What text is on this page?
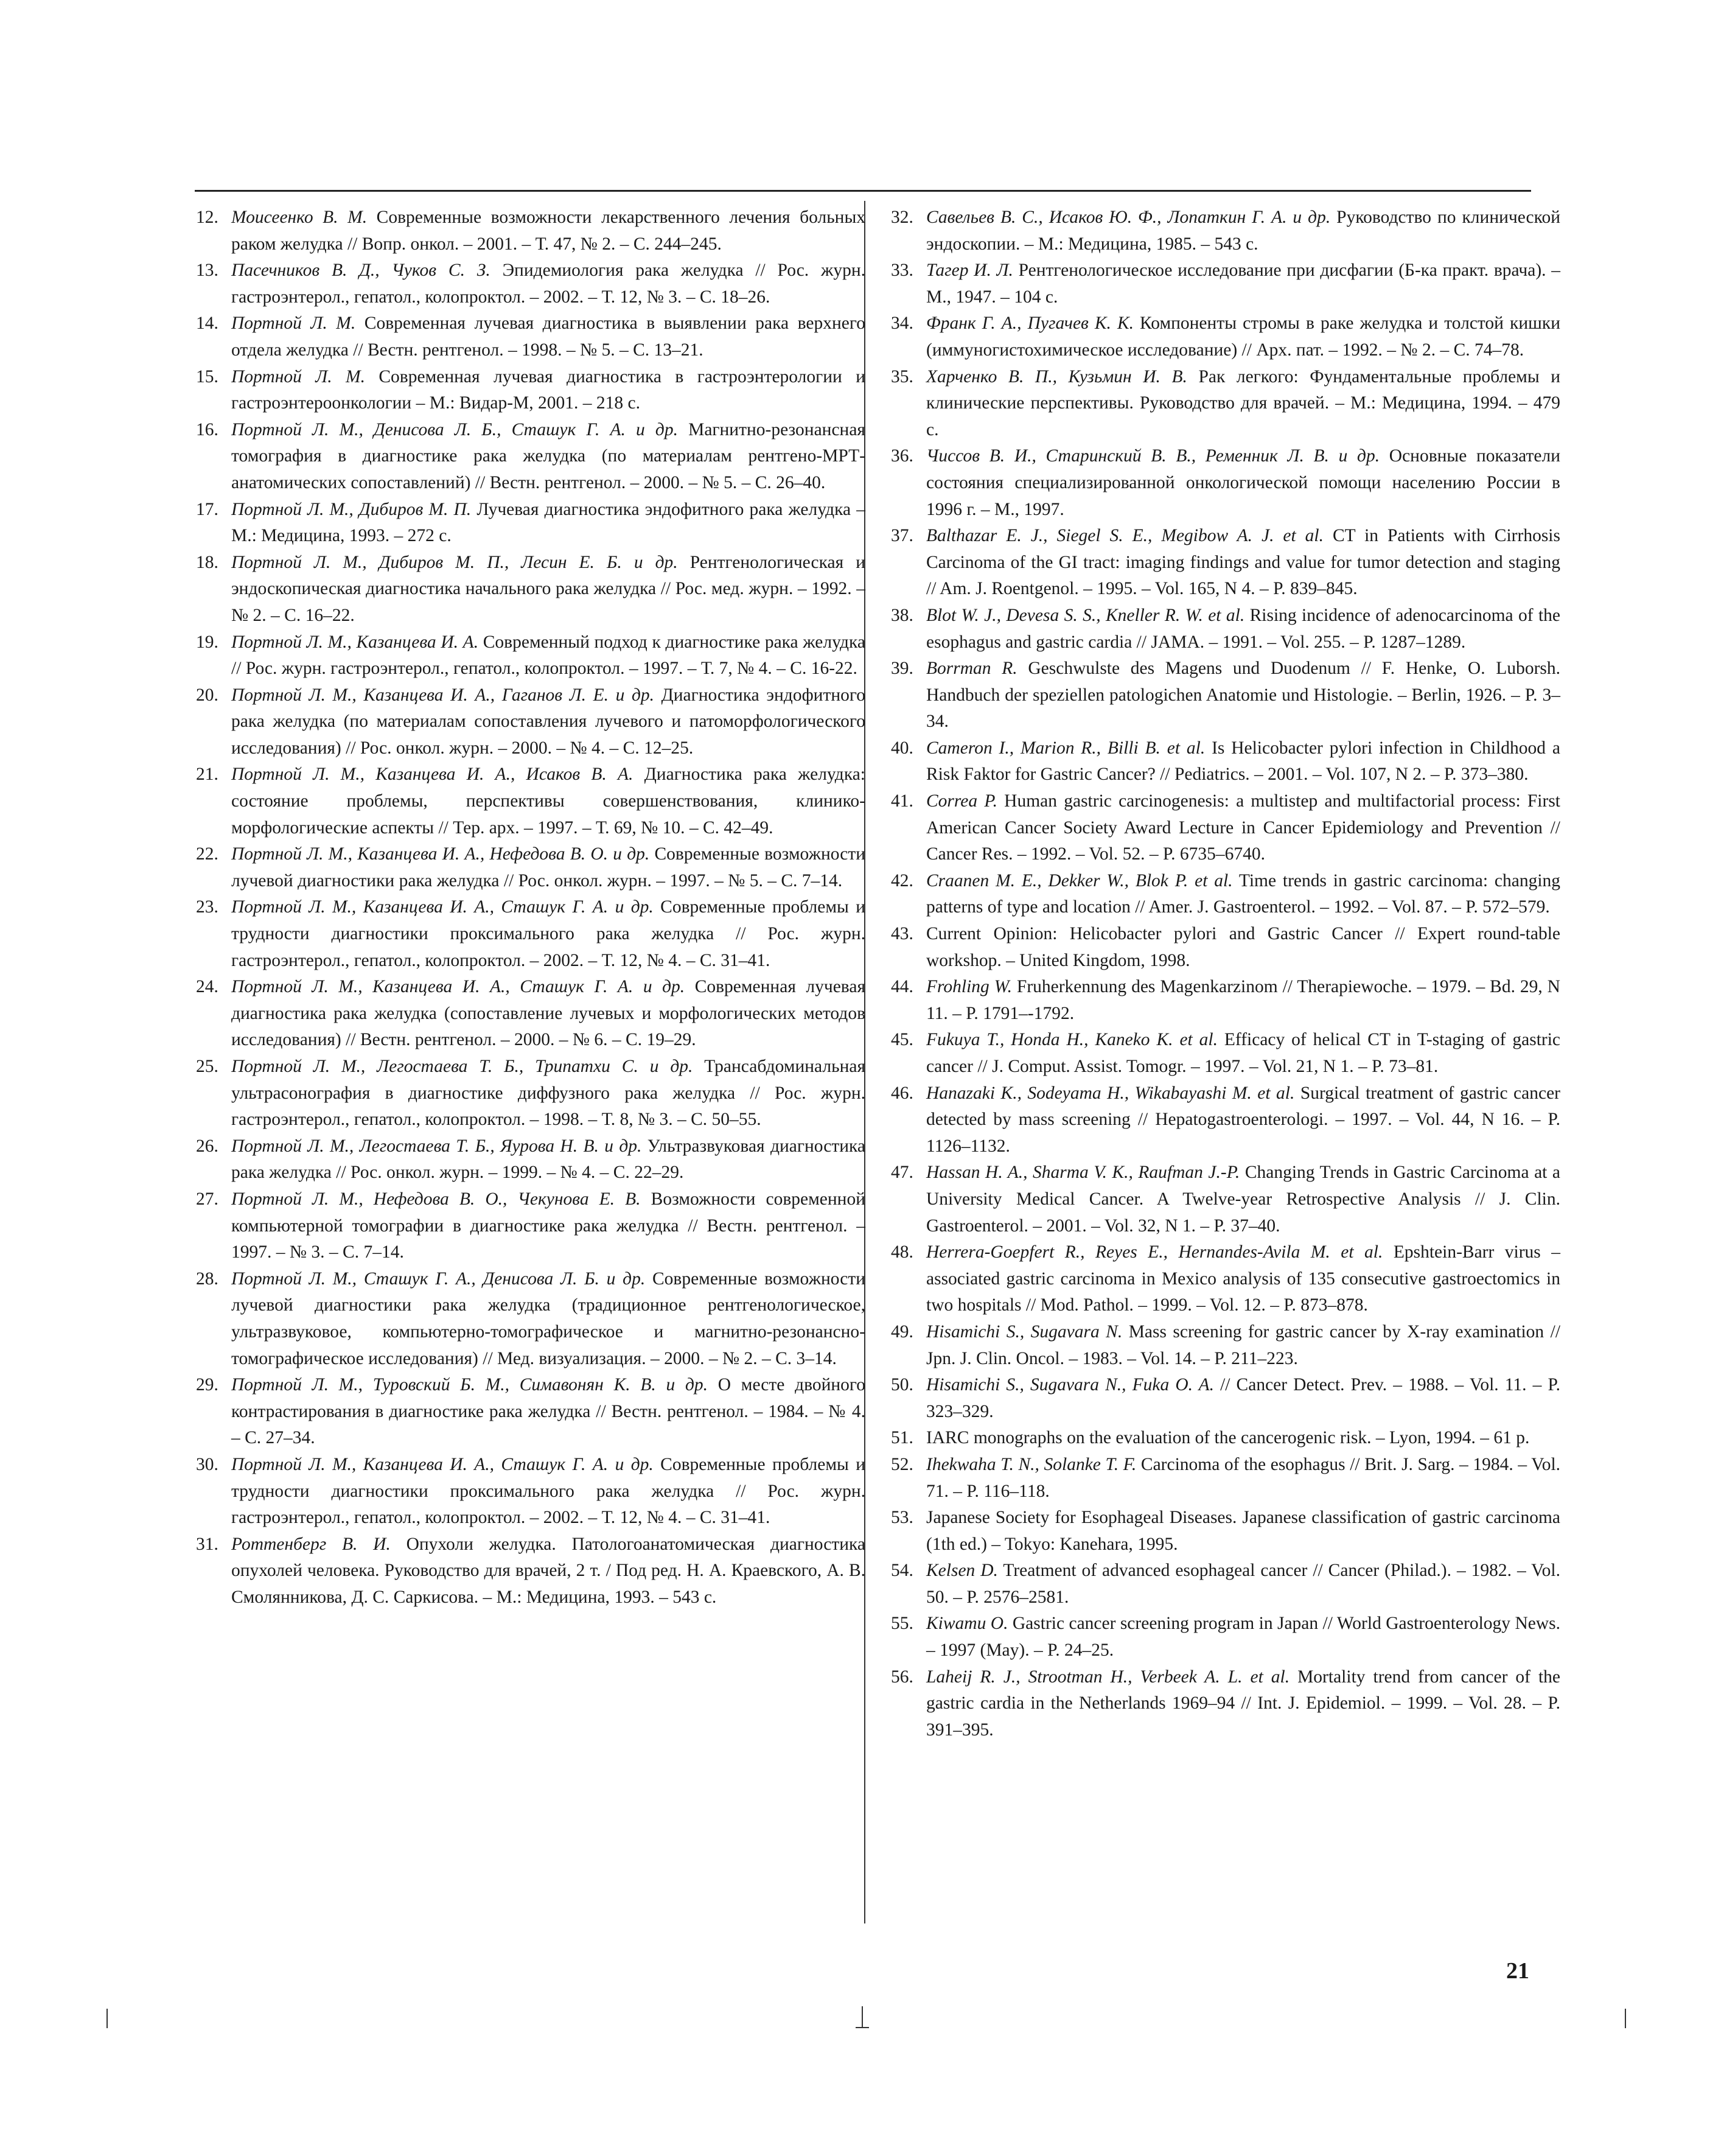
12. Моисеенко В. М. Современные возможности лекарственного лечения больных раком желудка // Вопр. онкол. – 2001. – Т. 47, № 2. – С. 244–245.
13. Пасечников В. Д., Чуков С. З. Эпидемиология рака желудка // Рос. журн. гастроэнтерол., гепатол., колопроктол. – 2002. – Т. 12, № 3. – С. 18–26.
14. Портной Л. М. Современная лучевая диагностика в выявлении рака верхнего отдела желудка // Вестн. рентгенол. – 1998. – № 5. – С. 13–21.
15. Портной Л. М. Современная лучевая диагностика в гастроэнтерологии и гастроэнтероонкологии – М.: Видар-М, 2001. – 218 с.
16. Портной Л. М., Денисова Л. Б., Сташук Г. А. и др. Магнитно-резонансная томография в диагностике рака желудка (по материалам рентгено-МРТ-анатомических сопоставлений) // Вестн. рентгенол. – 2000. – № 5. – С. 26–40.
17. Портной Л. М., Дибиров М. П. Лучевая диагностика эндофитного рака желудка – М.: Медицина, 1993. – 272 с.
18. Портной Л. М., Дибиров М. П., Лесин Е. Б. и др. Рентгенологическая и эндоскопическая диагностика начального рака желудка // Рос. мед. журн. – 1992. – № 2. – С. 16–22.
19. Портной Л. М., Казанцева И. А. Современный подход к диагностике рака желудка // Рос. журн. гастроэнтерол., гепатол., колопроктол. – 1997. – Т. 7, № 4. – С. 16-22.
20. Портной Л. М., Казанцева И. А., Гаганов Л. Е. и др. Диагностика эндофитного рака желудка (по материалам сопоставления лучевого и патоморфологического исследования) // Рос. онкол. журн. – 2000. – № 4. – С. 12–25.
21. Портной Л. М., Казанцева И. А., Исаков В. А. Диагностика рака желудка: состояние проблемы, перспективы совершенствования, клинико-морфологические аспекты // Тер. арх. – 1997. – Т. 69, № 10. – С. 42–49.
22. Портной Л. М., Казанцева И. А., Нефедова В. О. и др. Современные возможности лучевой диагностики рака желудка // Рос. онкол. журн. – 1997. – № 5. – С. 7–14.
23. Портной Л. М., Казанцева И. А., Сташук Г. А. и др. Современные проблемы и трудности диагностики проксимального рака желудка // Рос. журн. гастроэнтерол., гепатол., колопроктол. – 2002. – Т. 12, № 4. – С. 31–41.
24. Портной Л. М., Казанцева И. А., Сташук Г. А. и др. Современная лучевая диагностика рака желудка (сопоставление лучевых и морфологических методов исследования) // Вестн. рентгенол. – 2000. – № 6. – С. 19–29.
25. Портной Л. М., Легостаева Т. Б., Трипатхи С. и др. Трансабдоминальная ультрасонография в диагностике диффузного рака желудка // Рос. журн. гастроэнтерол., гепатол., колопроктол. – 1998. – Т. 8, № 3. – С. 50–55.
26. Портной Л. М., Легостаева Т. Б., Яурова Н. В. и др. Ультразвуковая диагностика рака желудка // Рос. онкол. журн. – 1999. – № 4. – С. 22–29.
27. Портной Л. М., Нефедова В. О., Чекунова Е. В. Возможности современной компьютерной томографии в диагностике рака желудка // Вестн. рентгенол. – 1997. – № 3. – С. 7–14.
28. Портной Л. М., Сташук Г. А., Денисова Л. Б. и др. Современные возможности лучевой диагностики рака желудка (традиционное рентгенологическое, ультразвуковое, компьютерно-томографическое и магнитно-резонансно-томографическое исследования) // Мед. визуализация. – 2000. – № 2. – С. 3–14.
29. Портной Л. М., Туровский Б. М., Симавонян К. В. и др. О месте двойного контрастирования в диагностике рака желудка // Вестн. рентгенол. – 1984. – № 4. – С. 27–34.
30. Портной Л. М., Казанцева И. А., Сташук Г. А. и др. Современные проблемы и трудности диагностики проксимального рака желудка // Рос. журн. гастроэнтерол., гепатол., колопроктол. – 2002. – Т. 12, № 4. – С. 31–41.
31. Роттенберг В. И. Опухоли желудка. Патологоанатомическая диагностика опухолей человека. Руководство для врачей, 2 т. / Под ред. Н. А. Краевского, А. В. Смолянникова, Д. С. Саркисова. – М.: Медицина, 1993. – 543 с.
32. Савельев В. С., Исаков Ю. Ф., Лопаткин Г. А. и др. Руководство по клинической эндоскопии. – М.: Медицина, 1985. – 543 с.
33. Тагер И. Л. Рентгенологическое исследование при дисфагии (Б-ка практ. врача). – М., 1947. – 104 с.
34. Франк Г. А., Пугачев К. К. Компоненты стромы в раке желудка и толстой кишки (иммуногистохимическое исследование) // Арх. пат. – 1992. – № 2. – С. 74–78.
35. Харченко В. П., Кузьмин И. В. Рак легкого: Фундаментальные проблемы и клинические перспективы. Руководство для врачей. – М.: Медицина, 1994. – 479 с.
36. Чиссов В. И., Старинский В. В., Ременник Л. В. и др. Основные показатели состояния специализированной онкологической помощи населению России в 1996 г. – М., 1997.
37. Balthazar E. J., Siegel S. E., Megibow A. J. et al. CT in Patients with Cirrhosis Carcinoma of the GI tract: imaging findings and value for tumor detection and staging // Am. J. Roentgenol. – 1995. – Vol. 165, N 4. – P. 839–845.
38. Blot W. J., Devesa S. S., Kneller R. W. et al. Rising incidence of adenocarcinoma of the esophagus and gastric cardia // JAMA. – 1991. – Vol. 255. – P. 1287–1289.
39. Borrman R. Geschwulste des Magens und Duodenum // F. Henke, O. Luborsh. Handbuch der speziellen patologichen Anatomie und Histologie. – Berlin, 1926. – P. 3–34.
40. Cameron I., Marion R., Billi B. et al. Is Helicobacter pylori infection in Childhood a Risk Faktor for Gastric Cancer? // Pediatrics. – 2001. – Vol. 107, N 2. – P. 373–380.
41. Correa P. Human gastric carcinogenesis: a multistep and multifactorial process: First American Cancer Society Award Lecture in Cancer Epidemiology and Prevention // Cancer Res. – 1992. – Vol. 52. – P. 6735–6740.
42. Craanen M. E., Dekker W., Blok P. et al. Time trends in gastric carcinoma: changing patterns of type and location // Amer. J. Gastroenterol. – 1992. – Vol. 87. – P. 572–579.
43. Current Opinion: Helicobacter pylori and Gastric Cancer // Expert round-table workshop. – United Kingdom, 1998.
44. Frohling W. Fruherkennung des Magenkarzinom // Therapiewoche. – 1979. – Bd. 29, N 11. – P. 1791–-1792.
45. Fukuya T., Honda H., Kaneko K. et al. Efficacy of helical CT in T-staging of gastric cancer // J. Comput. Assist. Tomogr. – 1997. – Vol. 21, N 1. – P. 73–81.
46. Hanazaki K., Sodeyama H., Wikabayashi M. et al. Surgical treatment of gastric cancer detected by mass screening // Hepatogastroenterologi. – 1997. – Vol. 44, N 16. – P. 1126–1132.
47. Hassan H. A., Sharma V. K., Raufman J.-P. Changing Trends in Gastric Carcinoma at a University Medical Cancer. A Twelve-year Retrospective Analysis // J. Clin. Gastroenterol. – 2001. – Vol. 32, N 1. – P. 37–40.
48. Herrera-Goepfert R., Reyes E., Hernandes-Avila M. et al. Epshtein-Barr virus – associated gastric carcinoma in Mexico analysis of 135 consecutive gastroectomics in two hospitals // Mod. Pathol. – 1999. – Vol. 12. – P. 873–878.
49. Hisamichi S., Sugavara N. Mass screening for gastric cancer by X-ray examination // Jpn. J. Clin. Oncol. – 1983. – Vol. 14. – P. 211–223.
50. Hisamichi S., Sugavara N., Fuka O. A. // Cancer Detect. Prev. – 1988. – Vol. 11. – P. 323–329.
51. IARC monographs on the evaluation of the cancerogenic risk. – Lyon, 1994. – 61 p.
52. Ihekwaha T. N., Solanke T. F. Carcinoma of the esophagus // Brit. J. Sarg. – 1984. – Vol. 71. – P. 116–118.
53. Japanese Society for Esophageal Diseases. Japanese classification of gastric carcinoma (1th ed.) – Tokyo: Kanehara, 1995.
54. Kelsen D. Treatment of advanced esophageal cancer // Cancer (Philad.). – 1982. – Vol. 50. – P. 2576–2581.
55. Kiwamu O. Gastric cancer screening program in Japan // World Gastroenterology News. – 1997 (May). – P. 24–25.
56. Laheij R. J., Strootman H., Verbeek A. L. et al. Mortality trend from cancer of the gastric cardia in the Netherlands 1969–94 // Int. J. Epidemiol. – 1999. – Vol. 28. – P. 391–395.
21
